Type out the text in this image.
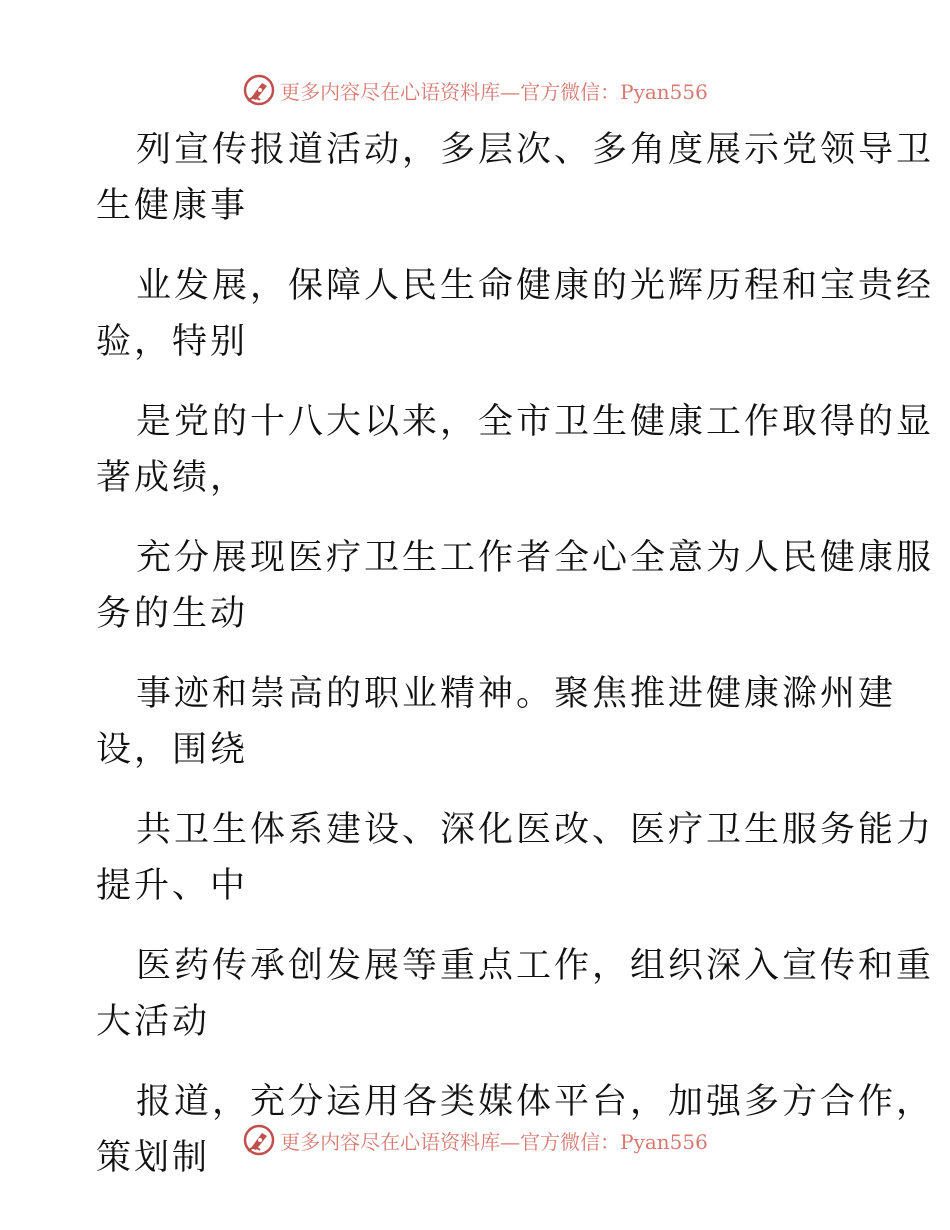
更多内容尽在心语资料库—官方微信：Pyan556

列宣传报道活动，多层次、多角度展示党领导卫
生健康事

业发展，保障人民生命健康的光辉历程和宝贵经
验，特别

是党的十八大以来，全市卫生健康工作取得的显
著成绩，

充分展现医疗卫生工作者全心全意为人民健康服
务的生动

事迹和崇高的职业精神。聚焦推进健康滁州建
设，围绕

共卫生体系建设、深化医改、医疗卫生服务能力
提升、中

医药传承创发展等重点工作，组织深入宣传和重
大活动

报道，充分运用各类媒体平台，加强多方合作，
策划制	更多内容尽在心语资料库—官方微信：Pyan556
